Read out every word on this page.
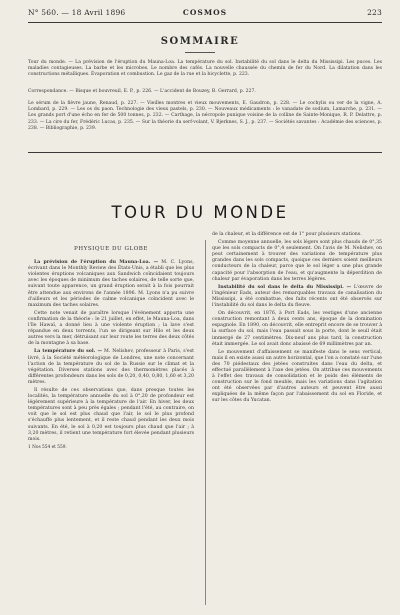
N° 560. — 18 Avril 1896	COSMOS	223
SOMMAIRE
Tour du monde. — La prévision de l'éruption du Mauna-Loa. La température du sol. Instabilité du sol dans le delta du Mississipi. Les puces. Les maladies contagieuses. La barbe et les microbes. Le nombre des cafés. La nouvelle chaussée du chemin de fer du Nord. La dilatation dans les constructions métalliques. Évaporation et combustion. Le gaz de la rue et la bicyclette, p. 223.
Correspondance. — Bisque et bouvreuil, E. P., p. 226. — L'accident de Bouzey, B. Gerrard, p. 227.
Le sérum de la fièvre jaune, Renaud, p. 227. — Vieilles montres et vieux mouvements, E. Gaudron, p. 228. — Le cochylis ou ver de la vigne, A. Lombard, p. 229. — Les os du paon. Technologie des vieux pastels, p. 230. — Nouveaux médicaments : le vanadate de sodium, Lamarche, p. 231. — Les grands port d'une écho en fer de 500 tonnes, p. 232. — Carthage, la nécropole punique voisine de la colline de Sainte-Monique, R. P. Delattre, p. 233. — La cire du fer, Frédéric Lucas, p. 235. — Sur la théorie du serf-volant, V. Bjerknes, S. J., p. 237. — Sociétés savantes : Académie des sciences, p. 238. — Bibliographie, p. 239.
TOUR DU MONDE

PHYSIQUE DU GLOBE

La prévision de l'éruption du Mauna-Loa. — M. C. Lyons, écrivant dans le Monthly Review des États-Unis, a établi que les plus violentes éruptions volcaniques aux Sandwich coïncidaient toujours avec les époques de minimum des taches solaires, de telle sorte que, suivant toute apparence, un grand éruption serait à la fois pourrait être attendue aux environs de l'année 1896. M. Lyons n'a pu suivre d'ailleurs et les périodes de calme volcanique coïncident avec le maximum des taches solaires.

Cette note venait de paraître lorsque l'événement apporta une confirmation de la théorie : le 21 juillet, en effet, le Mauna-Loa, dans l'île Hawaï, a donné lieu à une violente éruption ; la lave s'est répandue en deux torrents, l'un se dirigeant sur Hilo et les deux autres vers la mer, détruisant sur leur route les terres des deux côtés de la montagne à sa base.

La température du sol. — M. Nelishev, professeur à Paris, s'est livré, à la Société météorologique de Londres, une note concernant l'action de la température du sol de la Russie sur le climat et la végétation. Diverses stations avec des thermomètres placés à différentes profondeurs dans les sols de 0,20, 0,40, 0,80, 1,60 et 3,20 mètres.

Il résulte de ces observations que, dans presque toutes les localités, la température annuelle du sol à 0°,20 de profondeur est légèrement supérieure à la température de l'air. En hiver, les deux températures sont à peu près égales ; pendant l'été, au contraire, on voit que le sol est plus chaud que l'air, le sol le plus profond s'échauffe plus lentement, et il reste chaud pendant les deux mois suivants. En été, le sol à 0,20 est toujours plus chaud que l'air ; à 3,20 mètres, il retient une température fort élevée pendant plusieurs mois.

1 Nos 554 et 559.

de la chaleur, et la différence est de 1° pour plusieurs stations.

Comme moyenne annuelle, les sols légers sont plus chauds de 0°,35 que les sols compacts de 0°,4 seulement. On l'avis de M. Nelishev, on peut certainement à trouver des variations de température plus grandes dans les sols compacts, quoique ces derniers soient meilleurs conducteurs de la chaleur, parce que le sol léger a une plus grande capacité pour l'absorption de l'eau, et qu'augmente la déperdition de chaleur par évaporation dans les terres légères.

Instabilité du sol dans le delta du Mississipi. — L'œuvre de l'ingénieur Eads, auteur des remarquables travaux de canalisation du Mississipi, a été combattue, des faits récents ont été observés sur l'instabilité du sol dans le delta du fleuve.

On découvrit, en 1876, à Port Eads, les vestiges d'une ancienne construction remontant à deux cents ans, époque de la domination espagnole. En 1890, on découvrit, elle entreprit encore de se trouver à la surface du sol, mais l'eau passait sous la porte, dont le seuil était immergé de 27 centimètres. Dix-neuf ans plus tard, la construction était immergée. Le sol avait donc abaissé de 69 millimètres par an.

Le mouvement d'affaissement se manifeste dans le sens vertical, mais il en existe aussi un autre horizontal, que l'on a constaté sur l'une des 70 piédestaux des jetées construites dans l'eau du delta, et effectué parallèlement à l'axe des jetées. On attribue ces mouvements à l'effet des travaux de consolidation et le poids des éléments de construction sur le fond meuble, mais les variations dans l'agitation ont été observées par d'autres auteurs et peuvent être aussi expliquées de la même façon par l'abaissement du sol en Floride, et sur les côtes du Yucatan.
